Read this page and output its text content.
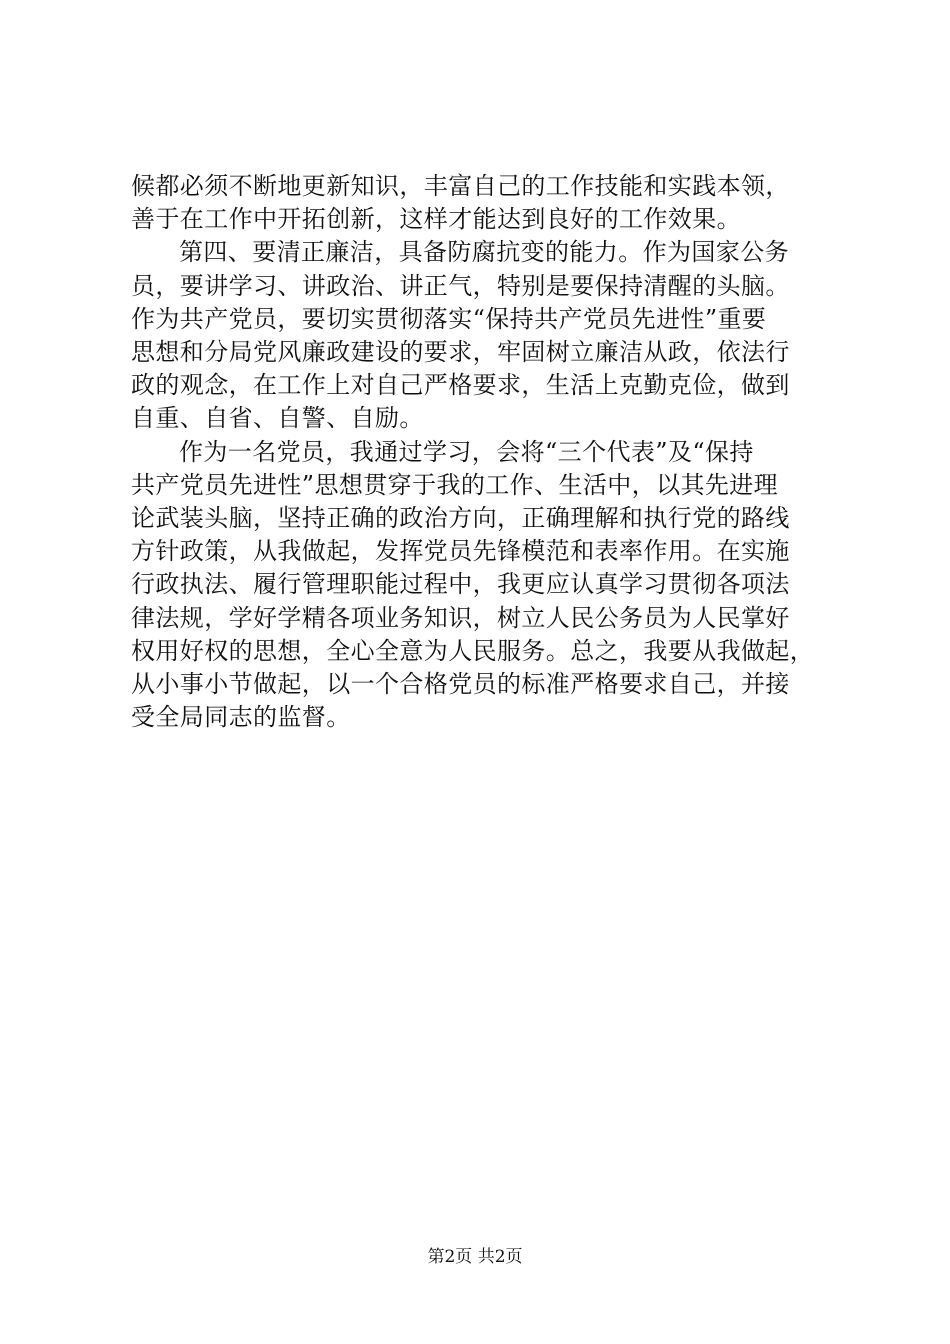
候都必须不断地更新知识，丰富自己的工作技能和实践本领，
善于在工作中开拓创新，这样才能达到良好的工作效果。
第四、要清正廉洁，具备防腐抗变的能力。作为国家公务
员，要讲学习、讲政治、讲正气，特别是要保持清醒的头脑。
作为共产党员，要切实贯彻落实“保持共产党员先进性”重要
思想和分局党风廉政建设的要求，牢固树立廉洁从政，依法行
政的观念，在工作上对自己严格要求，生活上克勤克俭，做到
自重、自省、自警、自励。
作为一名党员，我通过学习，会将“三个代表”及“保持
共产党员先进性”思想贯穿于我的工作、生活中，以其先进理
论武装头脑，坚持正确的政治方向，正确理解和执行党的路线
方针政策，从我做起，发挥党员先锋模范和表率作用。在实施
行政执法、履行管理职能过程中，我更应认真学习贯彻各项法
律法规，学好学精各项业务知识，树立人民公务员为人民掌好
权用好权的思想，全心全意为人民服务。总之，我要从我做起，
从小事小节做起，以一个合格党员的标准严格要求自己，并接
受全局同志的监督。
第2页 共2页
